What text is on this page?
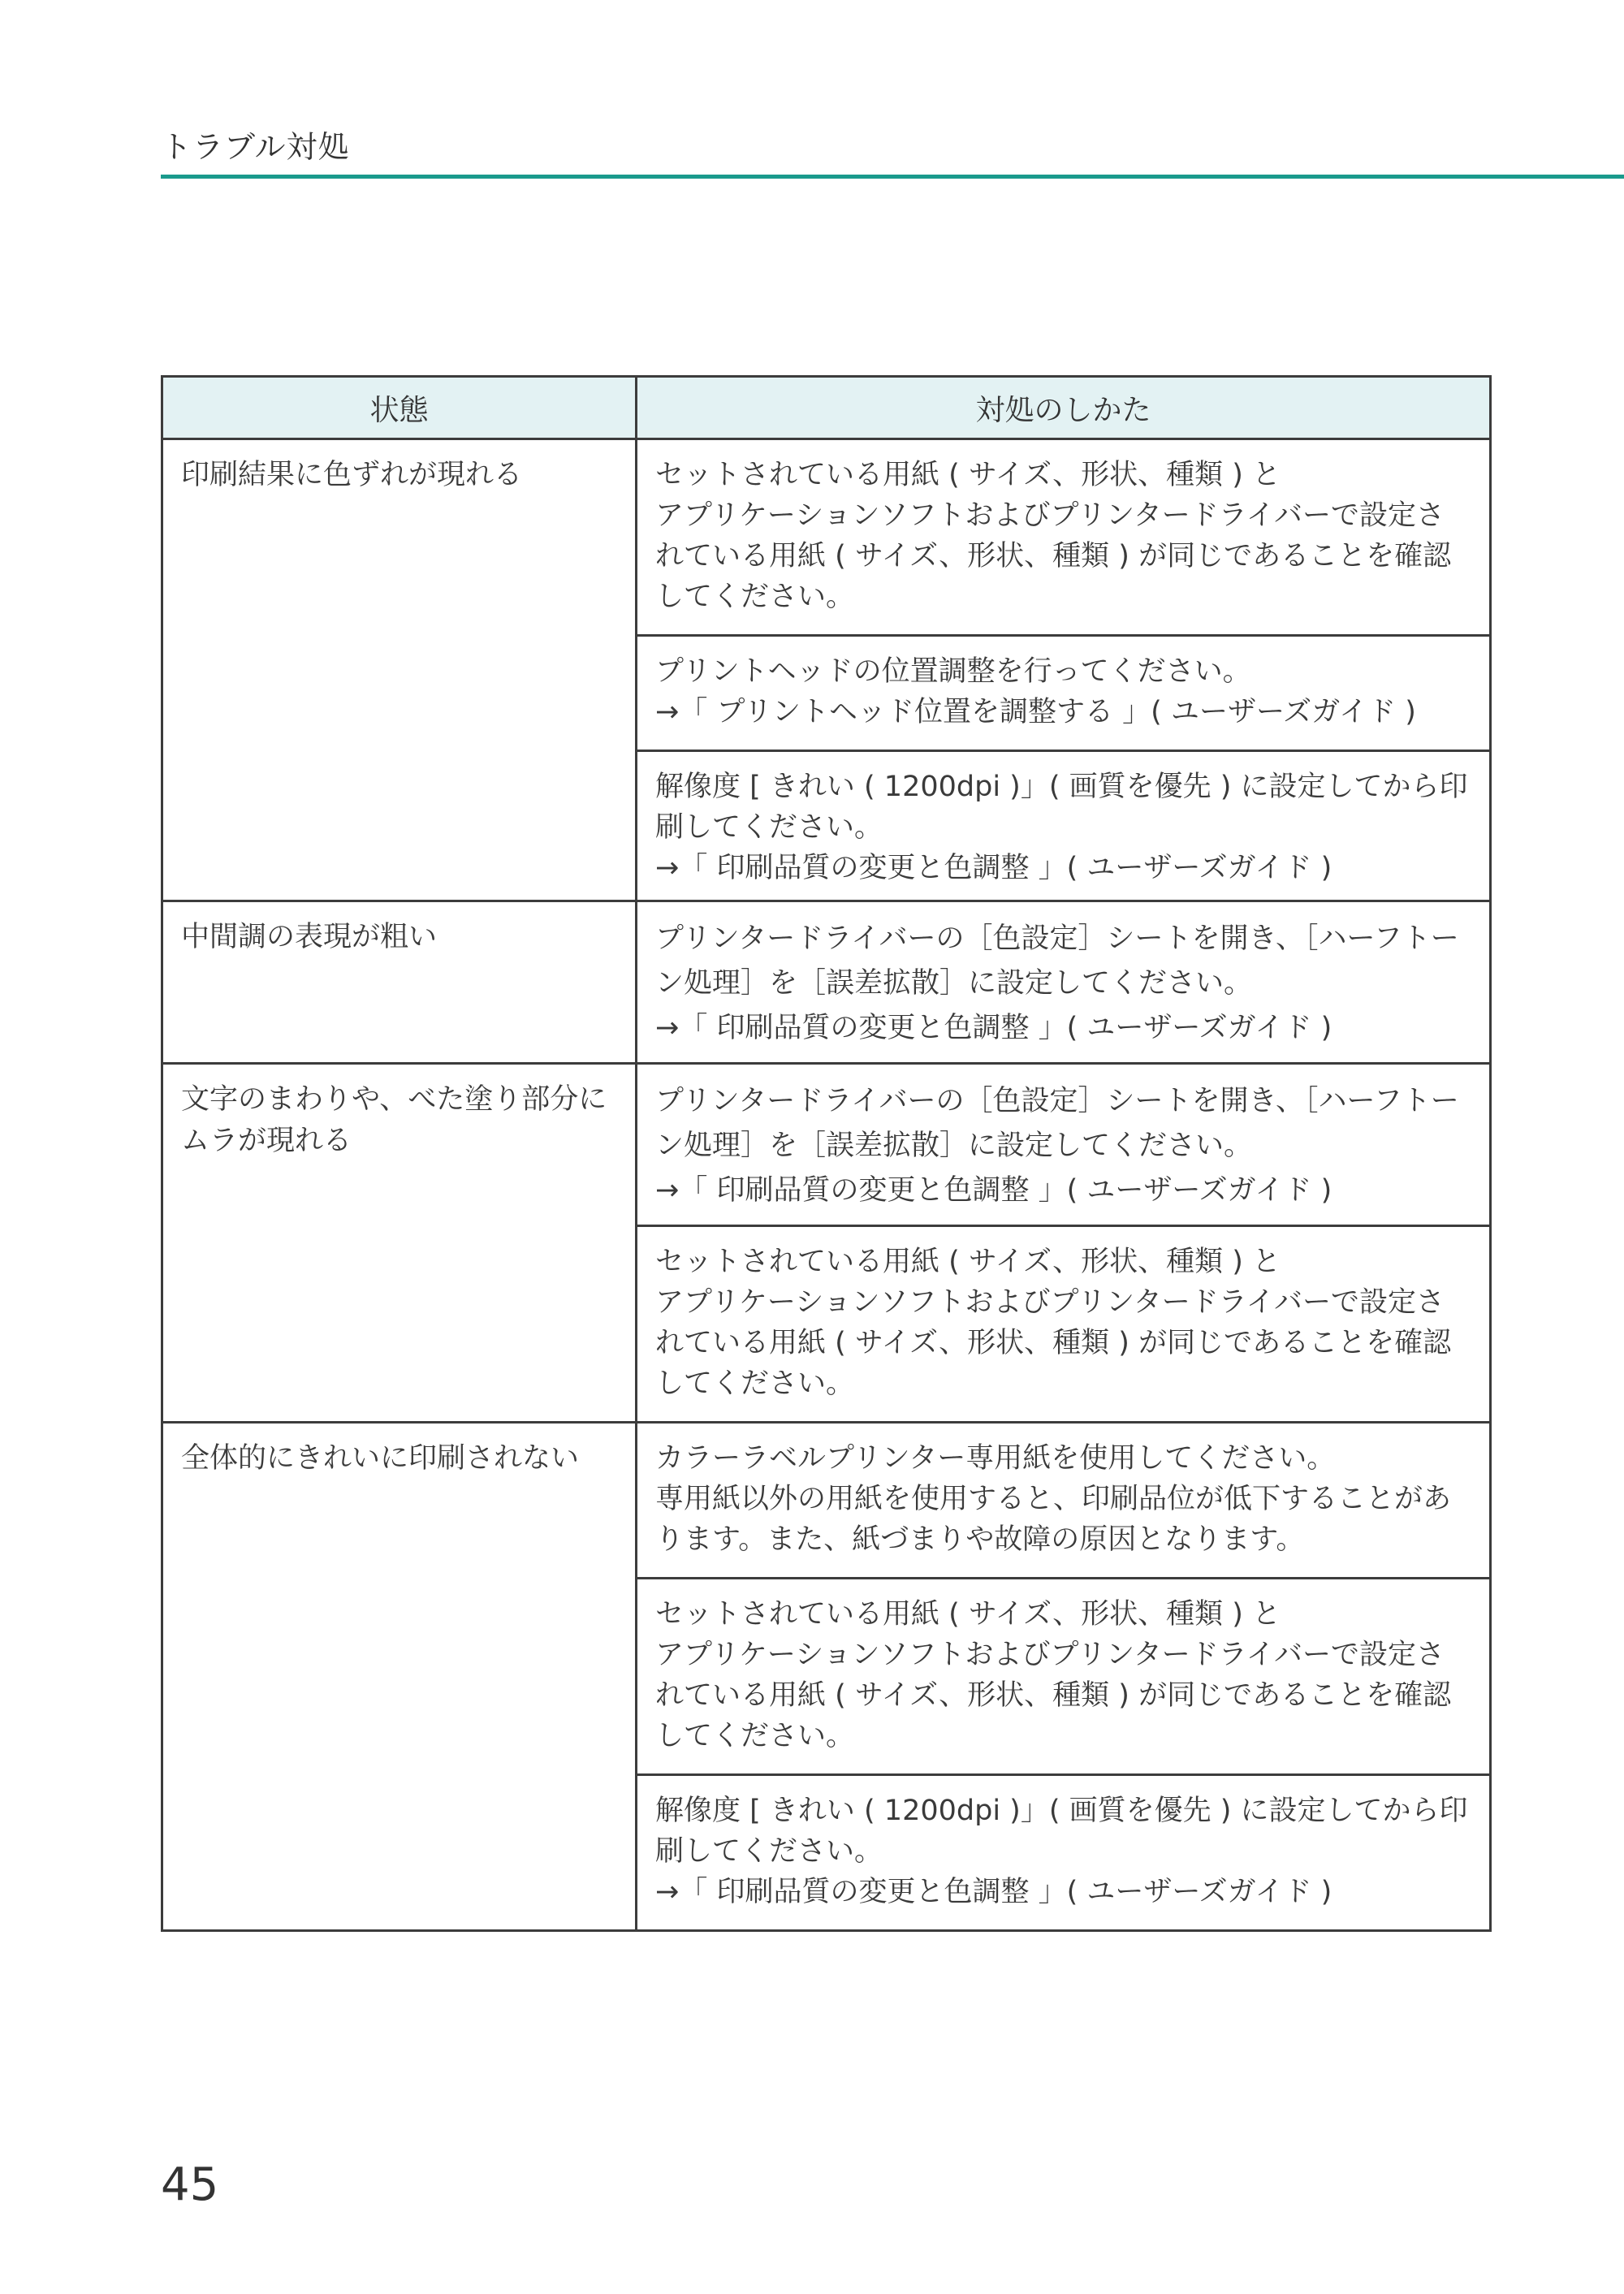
トラブル対処
状態	対処のしかた
印刷結果に色ずれが現れる	セットされている用紙 ( サイズ、形状、種類 ) と
アプリケーションソフトおよびプリンタードライバーで設定さ
れている用紙 ( サイズ、形状、種類 ) が同じであることを確認
してください。

	プリントヘッドの位置調整を行ってください。
→「 プリントヘッド位置を調整する 」( ユーザーズガイド )

	解像度 [ きれい ( 1200dpi )」( 画質を優先 ) に設定してから印
刷してください。
→「 印刷品質の変更と色調整 」( ユーザーズガイド )

中間調の表現が粗い	プリンタードライバーの［色設定］シートを開き、［ハーフトー
ン処理］を［誤差拡散］に設定してください。
→「 印刷品質の変更と色調整 」( ユーザーズガイド )

文字のまわりや、べた塗り部分にムラが現れる	プリンタードライバーの［色設定］シートを開き、［ハーフトー
ン処理］を［誤差拡散］に設定してください。
→「 印刷品質の変更と色調整 」( ユーザーズガイド )

	セットされている用紙 ( サイズ、形状、種類 ) と
アプリケーションソフトおよびプリンタードライバーで設定さ
れている用紙 ( サイズ、形状、種類 ) が同じであることを確認
してください。

全体的にきれいに印刷されない	カラーラベルプリンター専用紙を使用してください。
専用紙以外の用紙を使用すると、印刷品位が低下することがあ
ります。また、紙づまりや故障の原因となります。

	セットされている用紙 ( サイズ、形状、種類 ) と
アプリケーションソフトおよびプリンタードライバーで設定さ
れている用紙 ( サイズ、形状、種類 ) が同じであることを確認
してください。

	解像度 [ きれい ( 1200dpi )」( 画質を優先 ) に設定してから印
刷してください。
→「 印刷品質の変更と色調整 」( ユーザーズガイド )
45
